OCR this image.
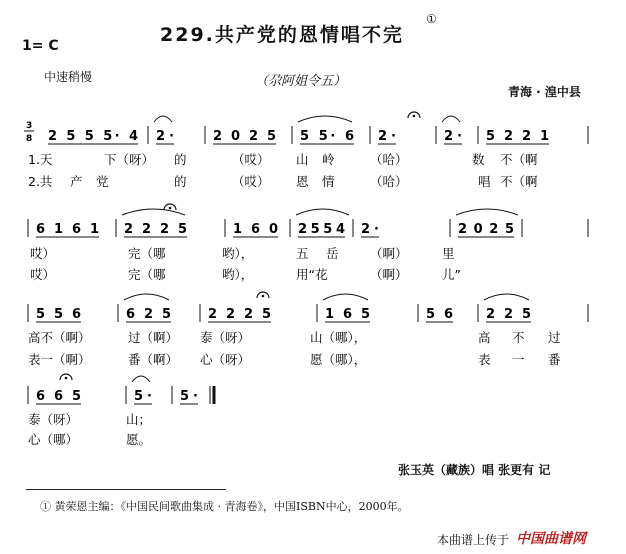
229.共产党的恩情唱不完
①
1= C
中速稍慢	（尕阿姐令五）
青海 · 湟中县
3
8 2 5 5 5· 4 2·	2 0 2 5 5 5· 6 2·	2· 5 2 2 1
6 1 6 1 2 2 2 5	1 6 0 2 5 5 4 2·	2 0 2 5
5 5 6	6 2 5	2 2 2 5	1 6 5	5 6	2 2 5
6 6 5	5· 5·
1.天	下（呀） 的	（哎） 山 岭	（哈）	数 不（啊
2.共 产 党	的	（哎） 恩 情	（哈）	唱 不（啊
哎）	完（哪	哟），	五 岳	（啊）	里
哎）	完（哪	哟），	用“花	（啊）	儿”
高不（啊）	过（啊） 泰（呀）	山（哪），	高 不 过
表一（啊）	番（啊） 心（呀）	愿（哪），	表 一 番
泰（呀）	山；
心（哪）	愿。
张玉英（藏族）唱 张更有 记
① 黄荣恩主编：《中国民间歌曲集成 · 青海卷》，中国ISBN中心，2000年。
本曲谱上传于 中国曲谱网
